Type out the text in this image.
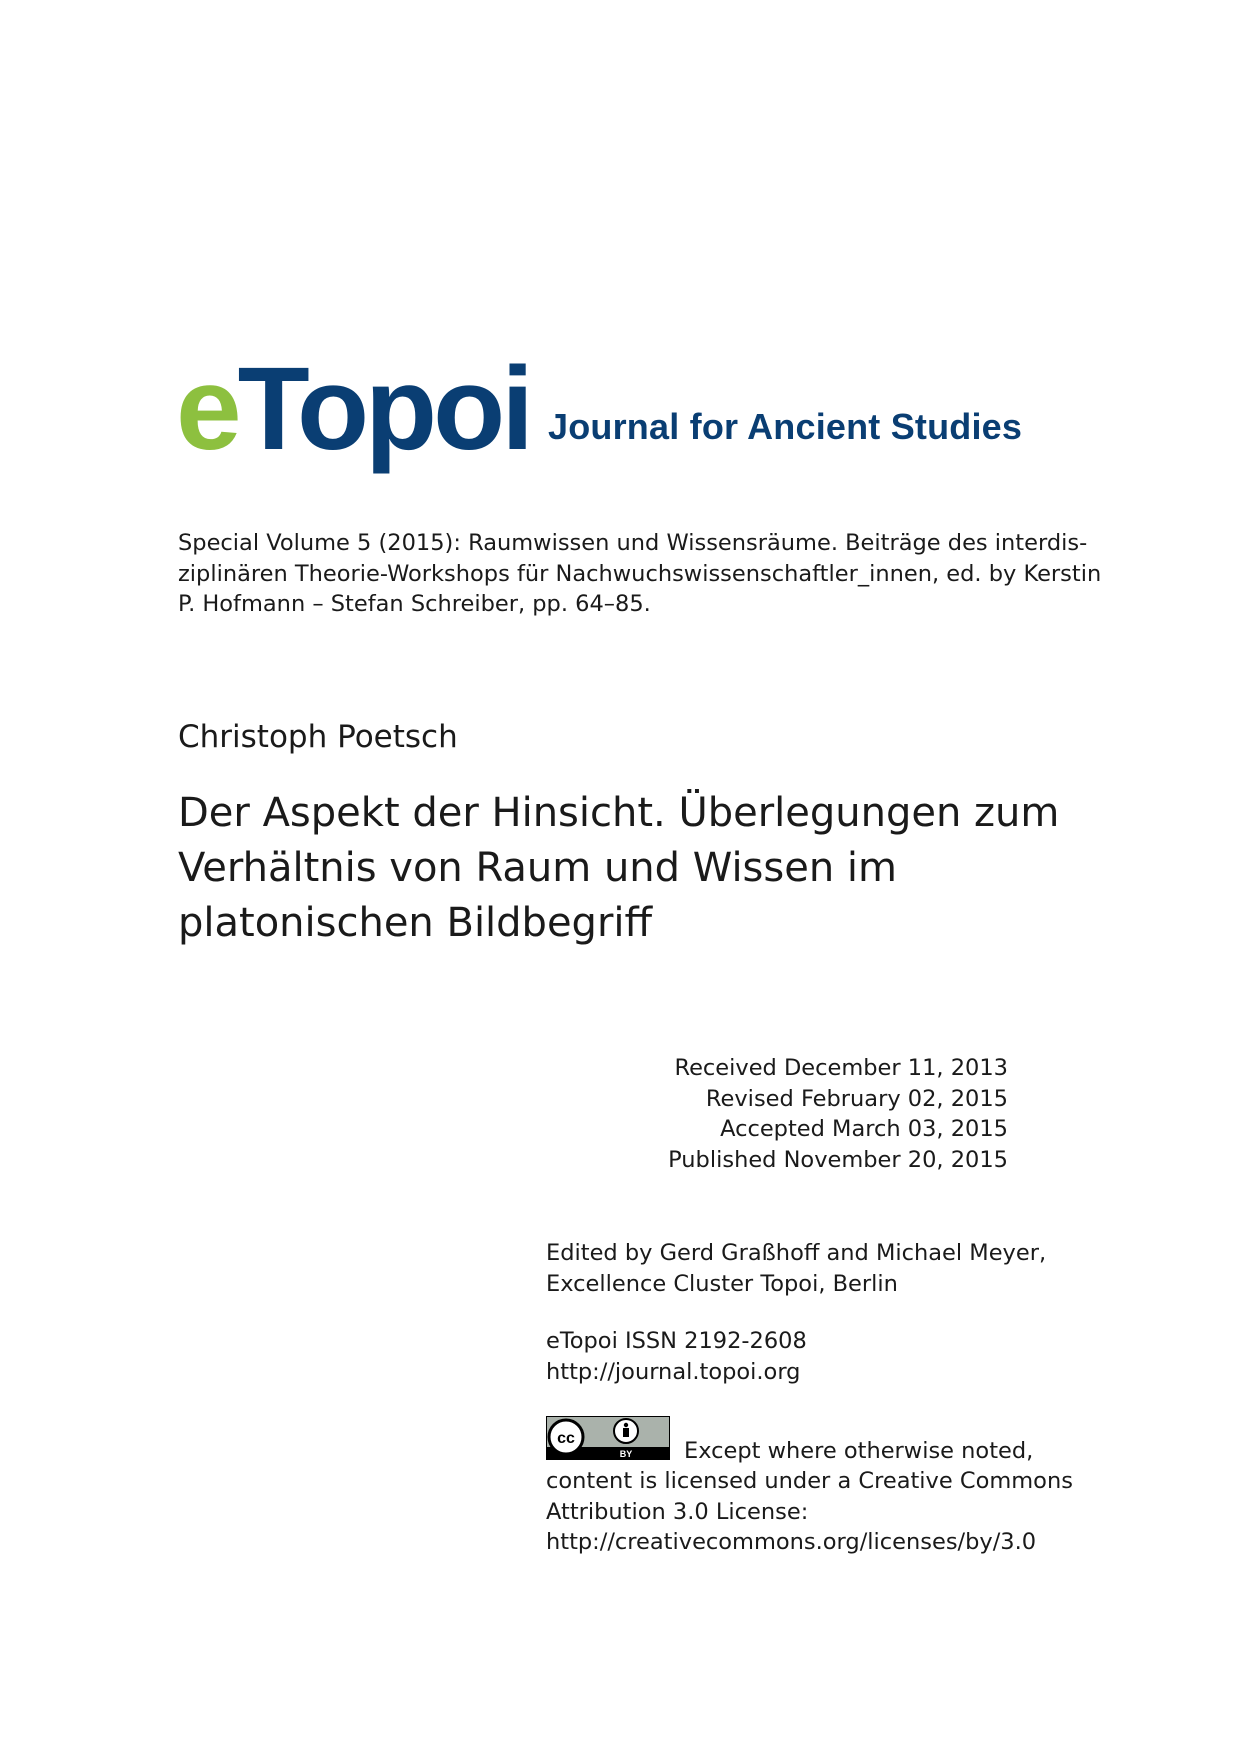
e Topoi Journal for Ancient Studies
Special Volume 5 (2015): Raumwissen und Wissensräume. Beiträge des interdis-
ziplinären Theorie-Workshops für Nachwuchswissenschaftler_innen, ed. by Kerstin
P. Hofmann – Stefan Schreiber, pp. 64–85.
Christoph Poetsch
Der Aspekt der Hinsicht. Überlegungen zum
Verhältnis von Raum und Wissen im
platonischen Bildbegriff
Received December 11, 2013
Revised February 02, 2015
Accepted March 03, 2015
Published November 20, 2015
Edited by Gerd Graßhoff and Michael Meyer,
Excellence Cluster Topoi, Berlin
eTopoi ISSN 2192-2608
http://journal.topoi.org
cc
BY Except where otherwise noted,
content is licensed under a Creative Commons
Attribution 3.0 License:
http://creativecommons.org/licenses/by/3.0
